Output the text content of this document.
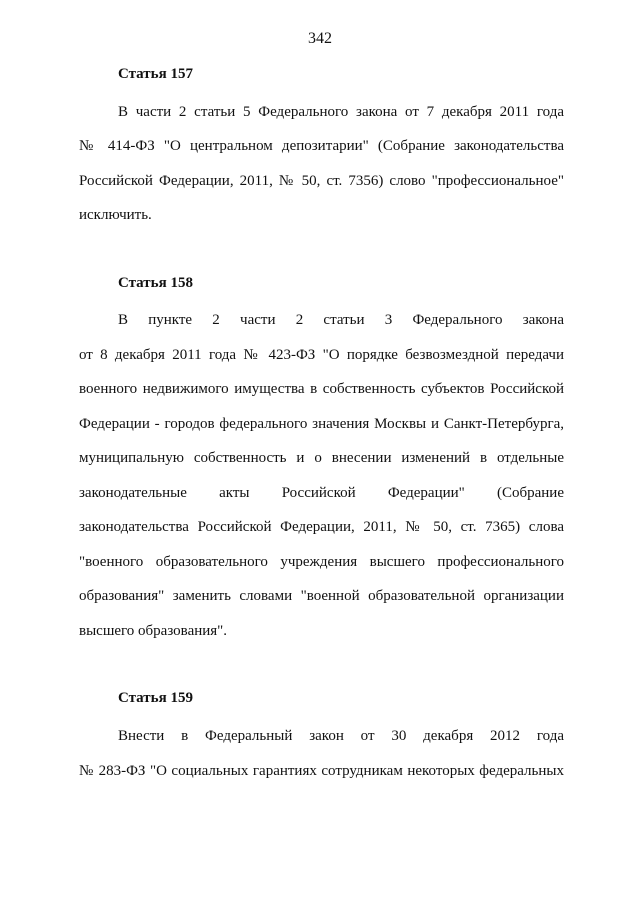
342
Статья 157
В части 2 статьи 5 Федерального закона от 7 декабря 2011 года
№ 414-ФЗ "О центральном депозитарии" (Собрание законодательства
Российской Федерации, 2011, № 50, ст. 7356) слово "профессиональное"
исключить.
Статья 158
В пункте 2 части 2 статьи 3 Федерального закона
от 8 декабря 2011 года № 423-ФЗ "О порядке безвозмездной передачи
военного недвижимого имущества в собственность субъектов Российской
Федерации - городов федерального значения Москвы и Санкт-Петербурга,
муниципальную собственность и о внесении изменений в отдельные
законодательные акты Российской Федерации" (Собрание
законодательства Российской Федерации, 2011, № 50, ст. 7365) слова
"военного образовательного учреждения высшего профессионального
образования" заменить словами "военной образовательной организации
высшего образования".
Статья 159
Внести в Федеральный закон от 30 декабря 2012 года
№ 283-ФЗ "О социальных гарантиях сотрудникам некоторых федеральных
